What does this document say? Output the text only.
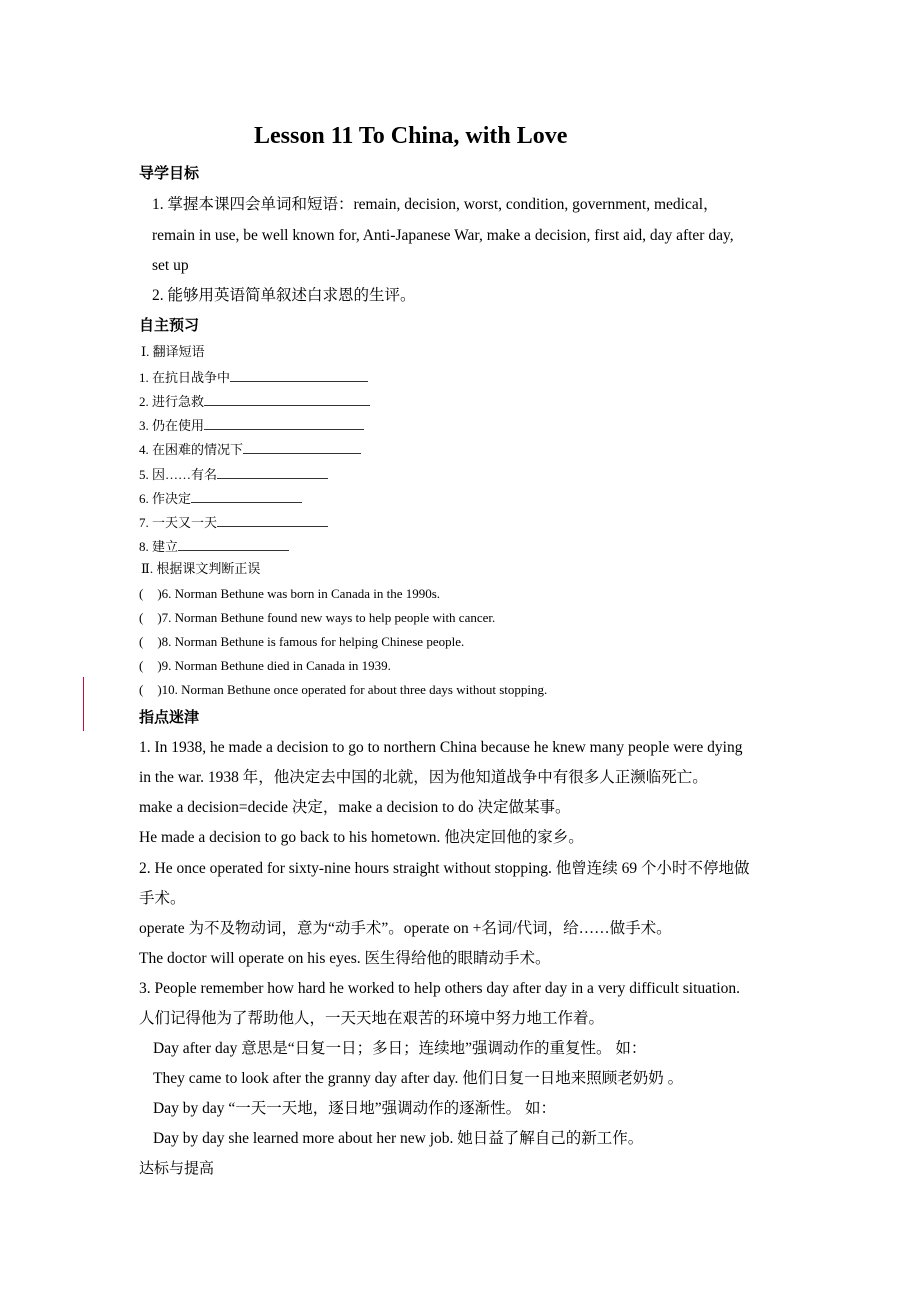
Lesson 11 To China, with Love
导学目标
1. 掌握本课四会单词和短语：remain, decision, worst, condition, government, medical，
remain in use, be well known for, Anti-Japanese War, make a decision, first aid, day after day,
set up
2. 能够用英语简单叙述白求恩的生评。
自主预习
Ⅰ. 翻译短语
1. 在抗日战争中
2. 进行急救
3. 仍在使用
4. 在困难的情况下
5. 因……有名
6. 作决定
7. 一天又一天
8. 建立
Ⅱ. 根据课文判断正误
( )6. Norman Bethune was born in Canada in the 1990s.
( )7. Norman Bethune found new ways to help people with cancer.
( )8. Norman Bethune is famous for helping Chinese people.
( )9. Norman Bethune died in Canada in 1939.
( )10. Norman Bethune once operated for about three days without stopping.
指点迷津
1. In 1938, he made a decision to go to northern China because he knew many people were dying
in the war. 1938 年，他决定去中国的北就，因为他知道战争中有很多人正濒临死亡。
make a decision=decide 决定，make a decision to do 决定做某事。
He made a decision to go back to his hometown. 他决定回他的家乡。
2. He once operated for sixty-nine hours straight without stopping. 他曾连续 69 个小时不停地做
手术。
operate 为不及物动词，意为“动手术”。operate on +名词/代词，给……做手术。
The doctor will operate on his eyes. 医生得给他的眼睛动手术。
3. People remember how hard he worked to help others day after day in a very difficult situation.
人们记得他为了帮助他人，一天天地在艰苦的环境中努力地工作着。
Day after day 意思是“日复一日；多日；连续地”强调动作的重复性。 如：
They came to look after the granny day after day. 他们日复一日地来照顾老奶奶 。
Day by day “一天一天地，逐日地”强调动作的逐渐性。 如：
Day by day she learned more about her new job. 她日益了解自己的新工作。
达标与提高
